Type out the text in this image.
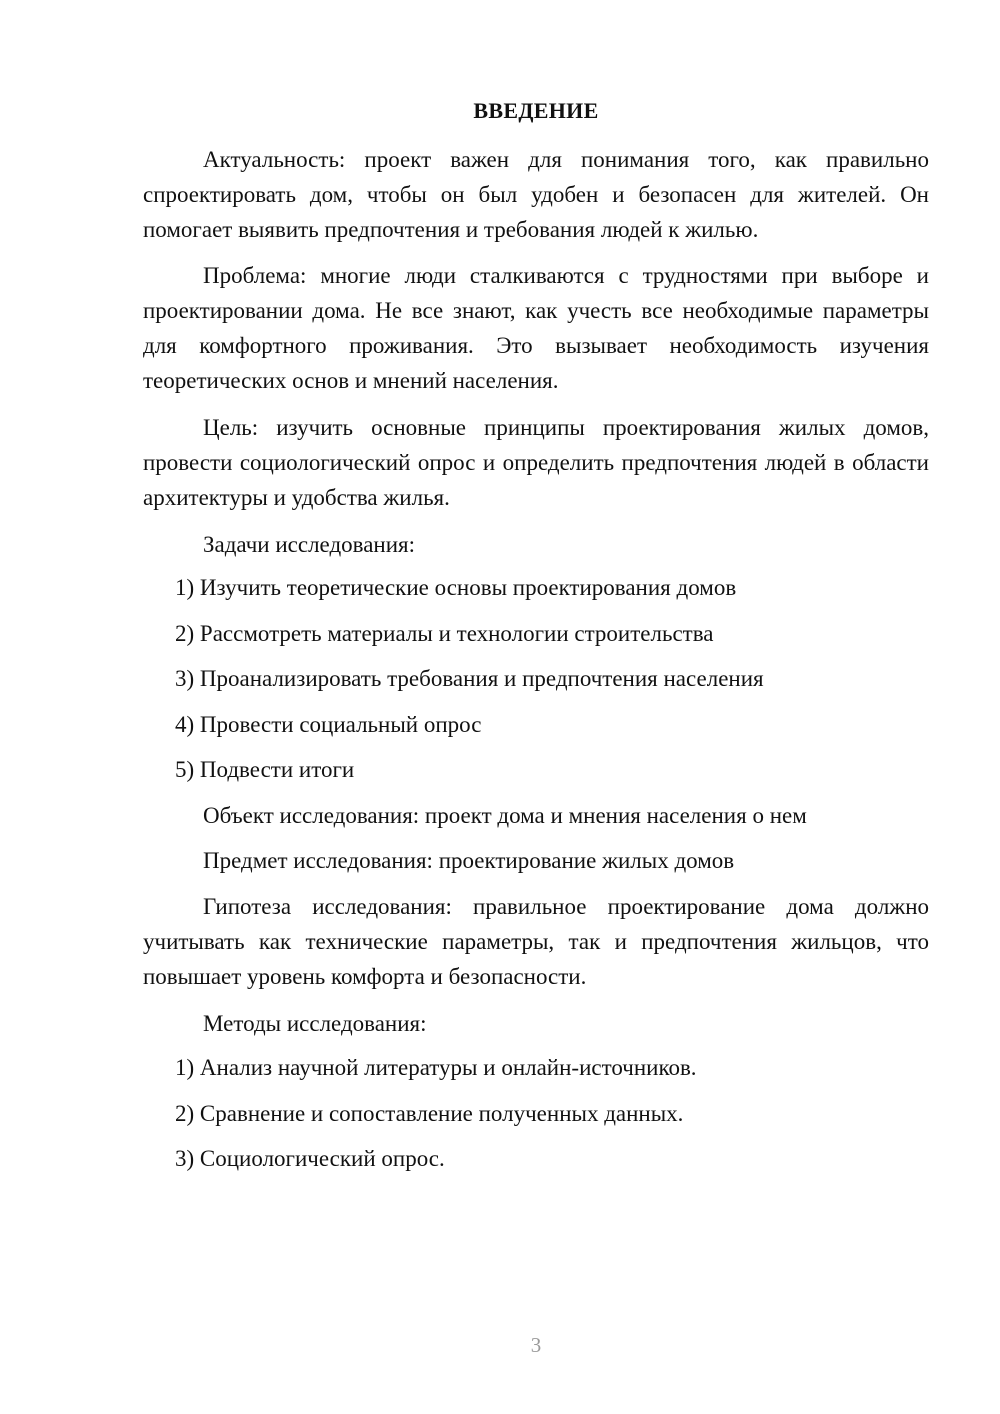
ВВЕДЕНИЕ

Актуальность: проект важен для понимания того, как правильно спроектировать дом, чтобы он был удобен и безопасен для жителей. Он помогает выявить предпочтения и требования людей к жилью.

Проблема: многие люди сталкиваются с трудностями при выборе и проектировании дома. Не все знают, как учесть все необходимые параметры для комфортного проживания. Это вызывает необходимость изучения теоретических основ и мнений населения.

Цель: изучить основные принципы проектирования жилых домов, провести социологический опрос и определить предпочтения людей в области архитектуры и удобства жилья.

Задачи исследования:

1) Изучить теоретические основы проектирования домов

2) Рассмотреть материалы и технологии строительства

3) Проанализировать требования и предпочтения населения

4) Провести социальный опрос

5) Подвести итоги

Объект исследования: проект дома и мнения населения о нем

Предмет исследования: проектирование жилых домов

Гипотеза исследования: правильное проектирование дома должно учитывать как технические параметры, так и предпочтения жильцов, что повышает уровень комфорта и безопасности.

Методы исследования:

1) Анализ научной литературы и онлайн-источников.

2) Сравнение и сопоставление полученных данных.

3) Социологический опрос.

3
